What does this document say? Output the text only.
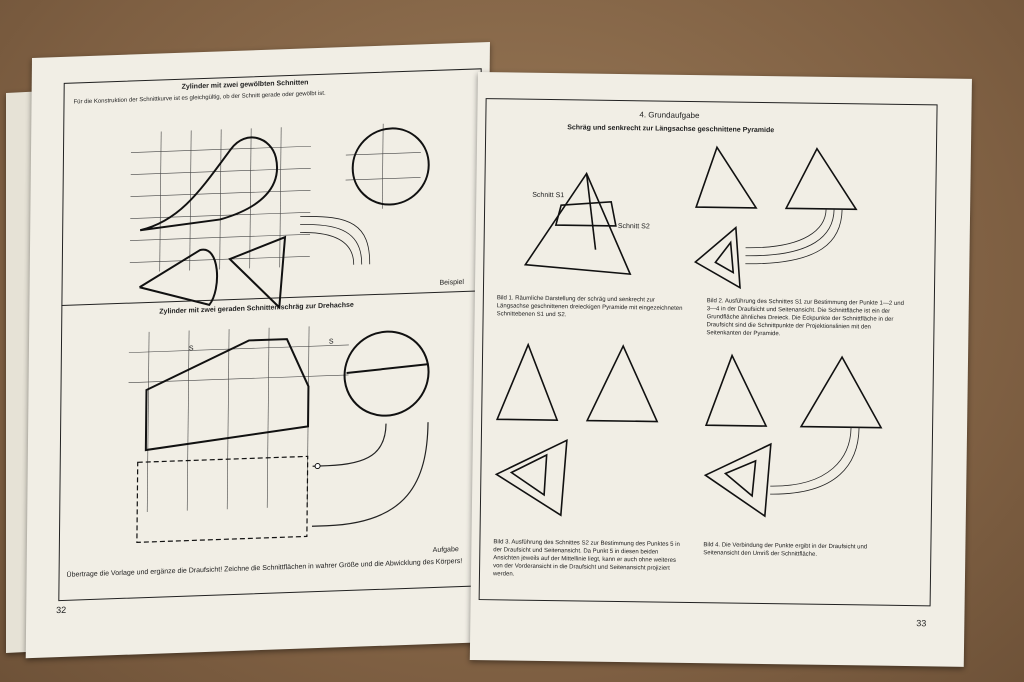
Zylinder mit zwei gewölbten Schnitten
Für die Konstruktion der Schnittkurve ist es gleichgültig, ob der Schnitt gerade oder gewölbt ist.
Beispiel
Zylinder mit zwei geraden Schnitten schräg zur Drehachse
S
S
Aufgabe
Übertrage die Vorlage und ergänze die Draufsicht! Zeichne die Schnittflächen in wahrer Größe und die Abwicklung des Körpers!
32
4. Grundaufgabe
Schräg und senkrecht zur Längsachse geschnittene Pyramide
Schnitt S1
Schnitt S2
Bild 1. Räumliche Darstellung der schräg und senkrecht zur Längsachse geschnittenen dreieckigen Pyramide mit eingezeichneten Schnittebenen S1 und S2.
Bild 2. Ausführung des Schnittes S1 zur Bestimmung der Punkte 1—2 und 3—4 in der Draufsicht und Seitenansicht. Die Schnittfläche ist ein der Grundfläche ähnliches Dreieck. Die Eckpunkte der Schnittfläche in der Draufsicht sind die Schnittpunkte der Projektionslinien mit den Seitenkanten der Pyramide.
Bild 3. Ausführung des Schnittes S2 zur Bestimmung des Punktes 5 in der Draufsicht und Seitenansicht. Da Punkt 5 in diesen beiden Ansichten jeweils auf der Mittellinie liegt, kann er auch ohne weiteres von der Vorderansicht in die Draufsicht und Seitenansicht projiziert werden.
Bild 4. Die Verbindung der Punkte ergibt in der Draufsicht und Seitenansicht den Umriß der Schnittfläche.
33
